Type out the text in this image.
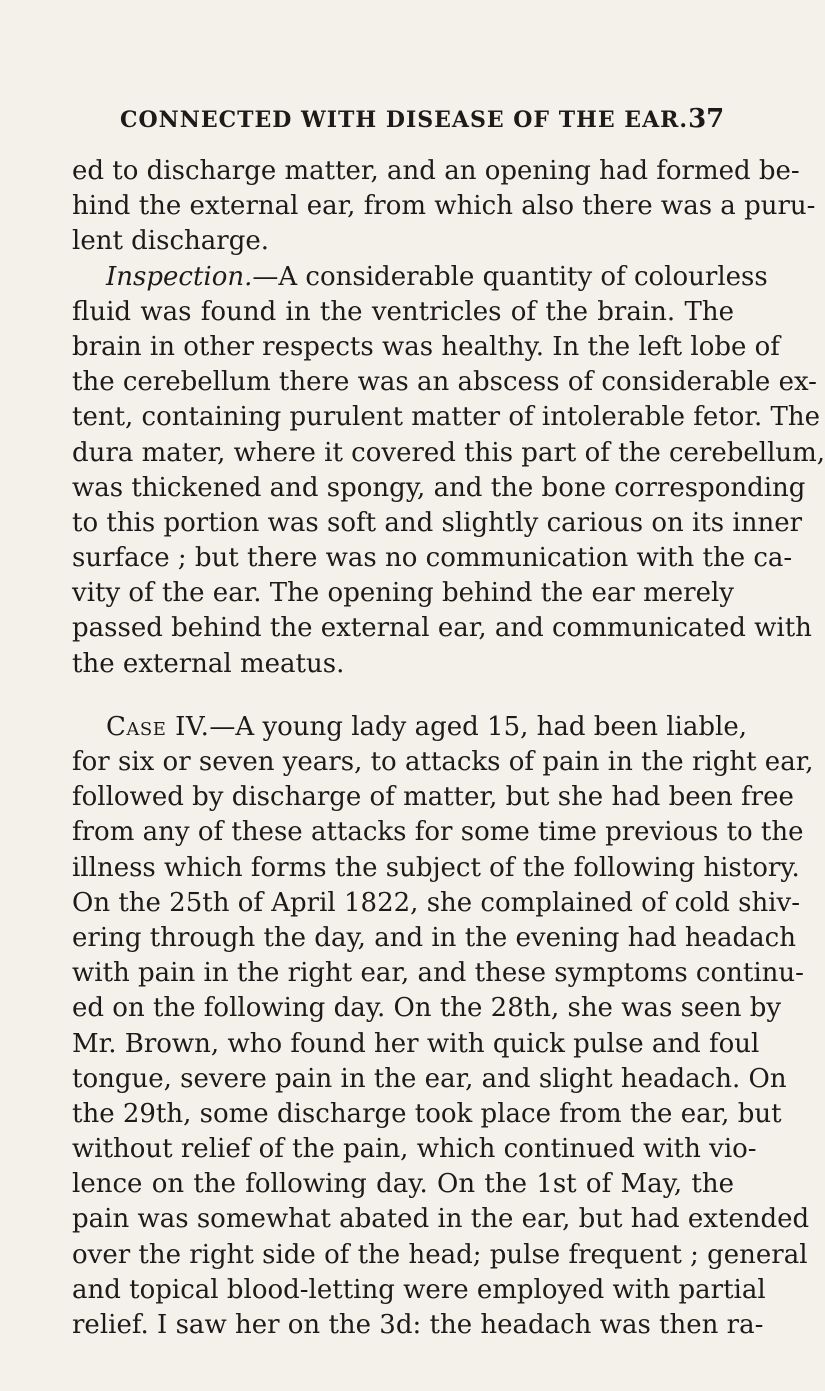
CONNECTED WITH DISEASE OF THE EAR. 37
ed to discharge matter, and an opening had formed be-
hind the external ear, from which also there was a puru-
lent discharge.
Inspection.—A considerable quantity of colourless
fluid was found in the ventricles of the brain. The
brain in other respects was healthy. In the left lobe of
the cerebellum there was an abscess of considerable ex-
tent, containing purulent matter of intolerable fetor. The
dura mater, where it covered this part of the cerebellum,
was thickened and spongy, and the bone corresponding
to this portion was soft and slightly carious on its inner
surface ; but there was no communication with the ca-
vity of the ear. The opening behind the ear merely
passed behind the external ear, and communicated with
the external meatus.
Case IV.—A young lady aged 15, had been liable,
for six or seven years, to attacks of pain in the right ear,
followed by discharge of matter, but she had been free
from any of these attacks for some time previous to the
illness which forms the subject of the following history.
On the 25th of April 1822, she complained of cold shiv-
ering through the day, and in the evening had headach
with pain in the right ear, and these symptoms continu-
ed on the following day. On the 28th, she was seen by
Mr. Brown, who found her with quick pulse and foul
tongue, severe pain in the ear, and slight headach. On
the 29th, some discharge took place from the ear, but
without relief of the pain, which continued with vio-
lence on the following day. On the 1st of May, the
pain was somewhat abated in the ear, but had extended
over the right side of the head; pulse frequent ; general
and topical blood-letting were employed with partial
relief. I saw her on the 3d: the headach was then ra-
